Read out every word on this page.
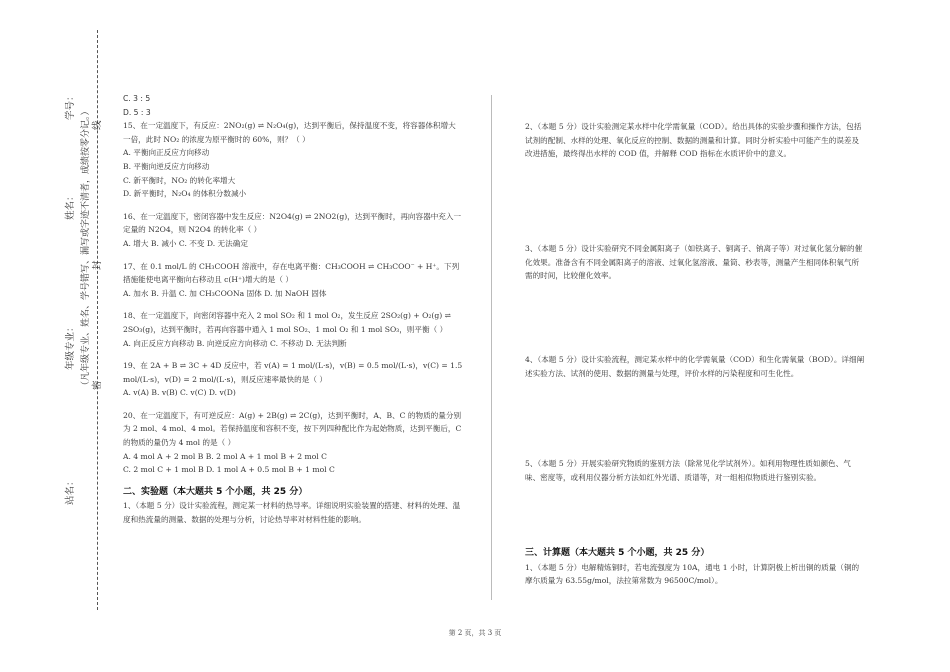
学号：
姓名：
年级专业：
站名：
（凡年级专业、姓名、学号错写、漏写或字迹不清者，成绩按零分记。） 线
封
密

C. 3 : 5

D. 5 : 3

15、在一定温度下，有反应：2NO₂(g) ⇌ N₂O₄(g)，达到平衡后，保持温度不变，将容器体积增大一倍，此时 NO₂ 的浓度为原平衡时的 60%，则？（ ）

A. 平衡向正反应方向移动

B. 平衡向逆反应方向移动

C. 新平衡时，NO₂ 的转化率增大

D. 新平衡时，N₂O₄ 的体积分数减小

16、在一定温度下，密闭容器中发生反应：N2O4(g) ⇌ 2NO2(g)，达到平衡时，再向容器中充入一定量的 N2O4，则 N2O4 的转化率（ ）

A. 增大 B. 减小 C. 不变 D. 无法确定

17、在 0.1 mol/L 的 CH₃COOH 溶液中，存在电离平衡：CH₃COOH ⇌ CH₃COO⁻ + H⁺。下列措施能使电离平衡向右移动且 c(H⁺)增大的是（ ）

A. 加水 B. 升温 C. 加 CH₃COONa 固体 D. 加 NaOH 固体

18、在一定温度下，向密闭容器中充入 2 mol SO₂ 和 1 mol O₂，发生反应 2SO₂(g) + O₂(g) ⇌ 2SO₃(g)，达到平衡时，若再向容器中通入 1 mol SO₂、1 mol O₂ 和 1 mol SO₃，则平衡（ ）

A. 向正反应方向移动 B. 向逆反应方向移动 C. 不移动 D. 无法判断

19、在 2A + B ⇌ 3C + 4D 反应中，若 v(A) = 1 mol/(L·s)，v(B) = 0.5 mol/(L·s)，v(C) = 1.5 mol/(L·s)，v(D) = 2 mol/(L·s)，则反应速率最快的是（ ）

A. v(A) B. v(B) C. v(C) D. v(D)

20、在一定温度下，有可逆反应：A(g) + 2B(g) ⇌ 2C(g)，达到平衡时，A、B、C 的物质的量分别为 2 mol、4 mol、4 mol。若保持温度和容积不变，按下列四种配比作为起始物质，达到平衡后，C 的物质的量仍为 4 mol 的是（ ）

A. 4 mol A + 2 mol B B. 2 mol A + 1 mol B + 2 mol C

C. 2 mol C + 1 mol B D. 1 mol A + 0.5 mol B + 1 mol C

二、实验题（本大题共 5 个小题，共 25 分）

1、（本题 5 分）设计实验流程，测定某一材料的热导率。详细说明实验装置的搭建、材料的处理、温度和热流量的测量、数据的处理与分析，讨论热导率对材料性能的影响。

2、（本题 5 分）设计实验测定某水样中化学需氧量（COD）。给出具体的实验步骤和操作方法，包括试剂的配制、水样的处理、氧化反应的控制、数据的测量和计算。同时分析实验中可能产生的误差及改进措施，最终得出水样的 COD 值，并解释 COD 指标在水质评价中的意义。

3、（本题 5 分）设计实验研究不同金属阳离子（如铁离子、铜离子、钠离子等）对过氧化氢分解的催化效果。准备含有不同金属阳离子的溶液、过氧化氢溶液、量筒、秒表等，测量产生相同体积氧气所需的时间，比较催化效率。

4、（本题 5 分）设计实验流程，测定某水样中的化学需氧量（COD）和生化需氧量（BOD）。详细阐述实验方法、试剂的使用、数据的测量与处理，评价水样的污染程度和可生化性。

5、（本题 5 分）开展实验研究物质的鉴别方法（除常见化学试剂外）。如利用物理性质如颜色、气味、密度等，或利用仪器分析方法如红外光谱、质谱等，对一组相似物质进行鉴别实验。

三、计算题（本大题共 5 个小题，共 25 分）

1、（本题 5 分）电解精炼铜时，若电流强度为 10A，通电 1 小时，计算阴极上析出铜的质量（铜的摩尔质量为 63.55g/mol，法拉第常数为 96500C/mol）。

第 2 页，共 3 页
